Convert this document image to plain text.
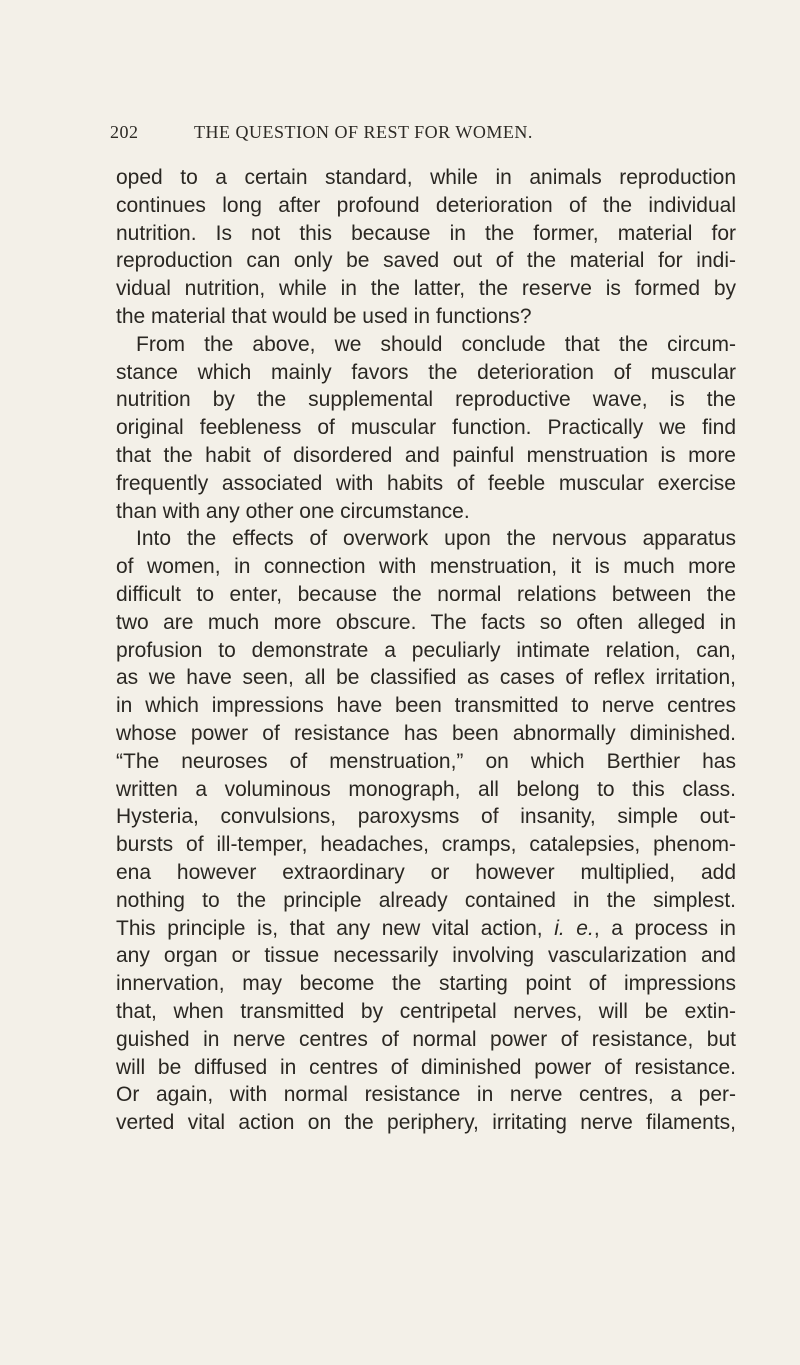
202	THE QUESTION OF REST FOR WOMEN.
oped to a certain standard, while in animals reproduction
continues long after profound deterioration of the individual
nutrition. Is not this because in the former, material for
reproduction can only be saved out of the material for indi-
vidual nutrition, while in the latter, the reserve is formed by
the material that would be used in functions?
From the above, we should conclude that the circum-
stance which mainly favors the deterioration of muscular
nutrition by the supplemental reproductive wave, is the
original feebleness of muscular function. Practically we find
that the habit of disordered and painful menstruation is more
frequently associated with habits of feeble muscular exercise
than with any other one circumstance.
Into the effects of overwork upon the nervous apparatus
of women, in connection with menstruation, it is much more
difficult to enter, because the normal relations between the
two are much more obscure. The facts so often alleged in
profusion to demonstrate a peculiarly intimate relation, can,
as we have seen, all be classified as cases of reflex irritation,
in which impressions have been transmitted to nerve centres
whose power of resistance has been abnormally diminished.
“The neuroses of menstruation,” on which Berthier has
written a voluminous monograph, all belong to this class.
Hysteria, convulsions, paroxysms of insanity, simple out-
bursts of ill-temper, headaches, cramps, catalepsies, phenom-
ena however extraordinary or however multiplied, add
nothing to the principle already contained in the simplest.
This principle is, that any new vital action, i. e., a process in
any organ or tissue necessarily involving vascularization and
innervation, may become the starting point of impressions
that, when transmitted by centripetal nerves, will be extin-
guished in nerve centres of normal power of resistance, but
will be diffused in centres of diminished power of resistance.
Or again, with normal resistance in nerve centres, a per-
verted vital action on the periphery, irritating nerve filaments,
